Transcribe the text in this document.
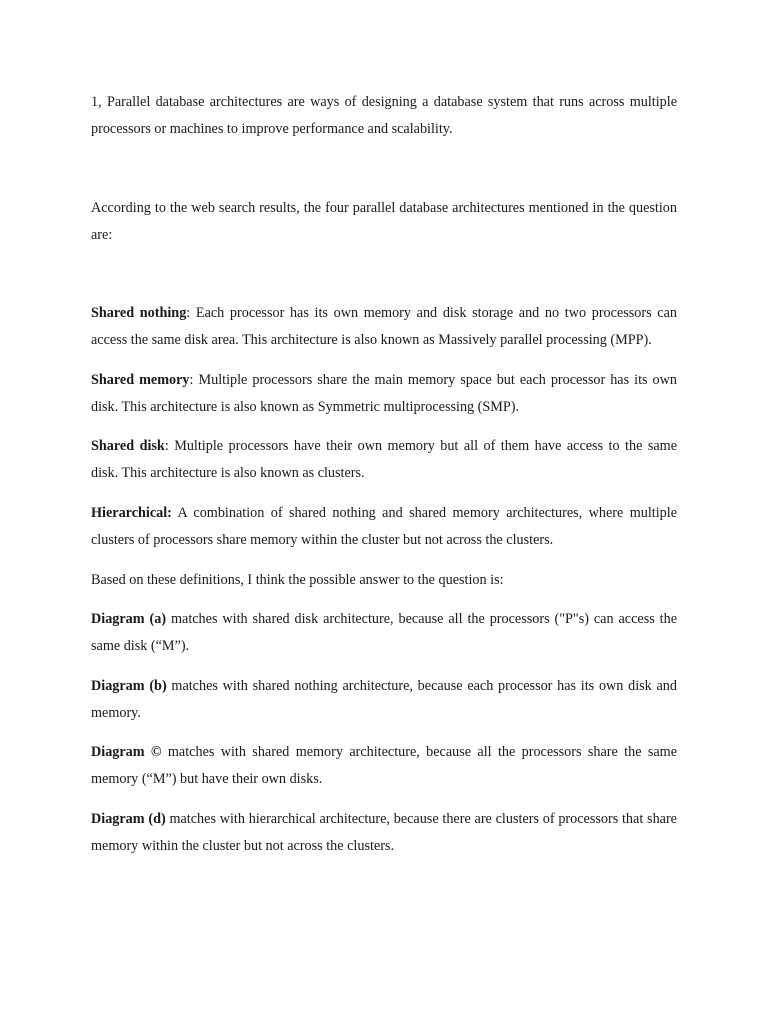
1, Parallel database architectures are ways of designing a database system that runs across multiple processors or machines to improve performance and scalability.

According to the web search results, the four parallel database architectures mentioned in the question are:

Shared nothing: Each processor has its own memory and disk storage and no two processors can access the same disk area. This architecture is also known as Massively parallel processing (MPP).

Shared memory: Multiple processors share the main memory space but each processor has its own disk. This architecture is also known as Symmetric multiprocessing (SMP).

Shared disk: Multiple processors have their own memory but all of them have access to the same disk. This architecture is also known as clusters.

Hierarchical: A combination of shared nothing and shared memory architectures, where multiple clusters of processors share memory within the cluster but not across the clusters.

Based on these definitions, I think the possible answer to the question is:

Diagram (a) matches with shared disk architecture, because all the processors ("P"s) can access the same disk (“M”).

Diagram (b) matches with shared nothing architecture, because each processor has its own disk and memory.

Diagram © matches with shared memory architecture, because all the processors share the same memory (“M”) but have their own disks.

Diagram (d) matches with hierarchical architecture, because there are clusters of processors that share memory within the cluster but not across the clusters.
